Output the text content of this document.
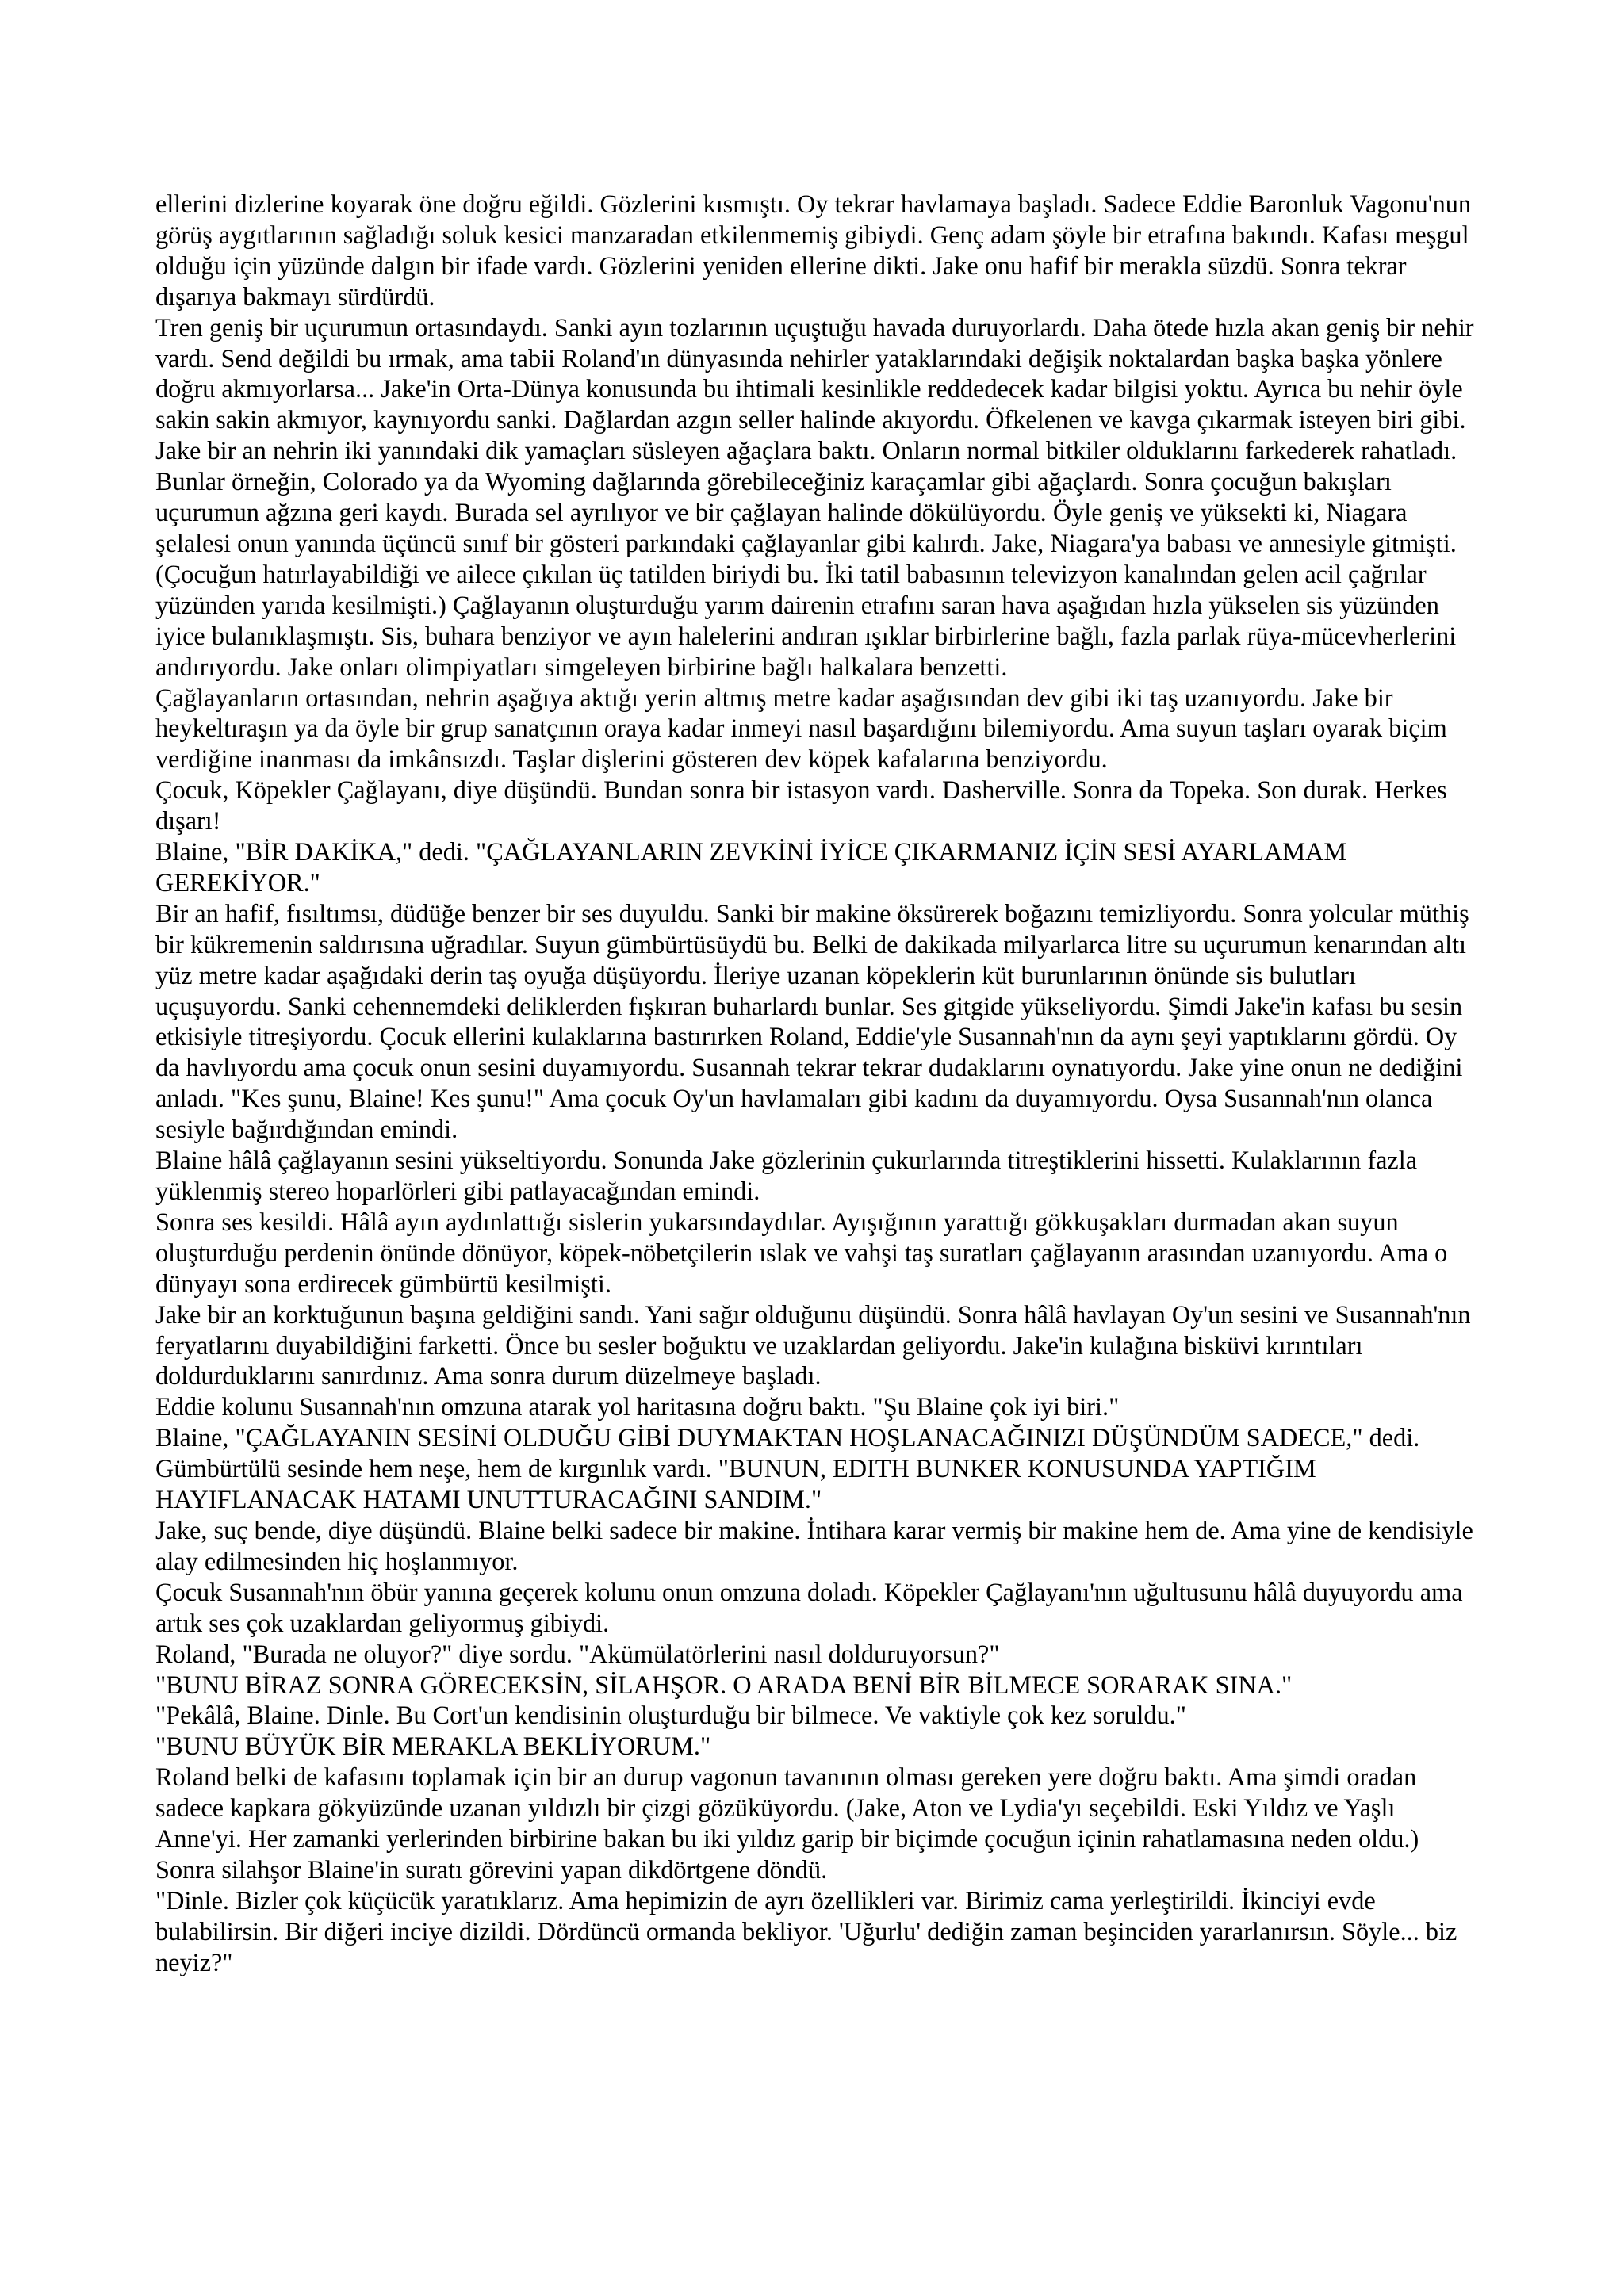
ellerini dizlerine koyarak öne doğru eğildi. Gözlerini kısmıştı. Oy tekrar havlamaya başladı. Sadece Eddie Baronluk Vagonu'nun görüş aygıtlarının sağladığı soluk kesici manzaradan etkilenmemiş gibiydi. Genç adam şöyle bir etrafına bakındı. Kafası meşgul olduğu için yüzünde dalgın bir ifade vardı. Gözlerini yeniden ellerine dikti. Jake onu hafif bir merakla süzdü. Sonra tekrar dışarıya bakmayı sürdürdü.

Tren geniş bir uçurumun ortasındaydı. Sanki ayın tozlarının uçuştuğu havada duruyorlardı. Daha ötede hızla akan geniş bir nehir vardı. Send değildi bu ırmak, ama tabii Roland'ın dünyasında nehirler yataklarındaki değişik noktalardan başka başka yönlere doğru akmıyorlarsa... Jake'in Orta-Dünya konusunda bu ihtimali kesinlikle reddedecek kadar bilgisi yoktu. Ayrıca bu nehir öyle sakin sakin akmıyor, kaynıyordu sanki. Dağlardan azgın seller halinde akıyordu. Öfkelenen ve kavga çıkarmak isteyen biri gibi.

Jake bir an nehrin iki yanındaki dik yamaçları süsleyen ağaçlara baktı. Onların normal bitkiler olduklarını farkederek rahatladı. Bunlar örneğin, Colorado ya da Wyoming dağlarında görebileceğiniz karaçamlar gibi ağaçlardı. Sonra çocuğun bakışları uçurumun ağzına geri kaydı. Burada sel ayrılıyor ve bir çağlayan halinde dökülüyordu. Öyle geniş ve yüksekti ki, Niagara şelalesi onun yanında üçüncü sınıf bir gösteri parkındaki çağlayanlar gibi kalırdı. Jake, Niagara'ya babası ve annesiyle gitmişti. (Çocuğun hatırlayabildiği ve ailece çıkılan üç tatilden biriydi bu. İki tatil babasının televizyon kanalından gelen acil çağrılar yüzünden yarıda kesilmişti.) Çağlayanın oluşturduğu yarım dairenin etrafını saran hava aşağıdan hızla yükselen sis yüzünden iyice bulanıklaşmıştı. Sis, buhara benziyor ve ayın halelerini andıran ışıklar birbirlerine bağlı, fazla parlak rüya-mücevherlerini andırıyordu. Jake onları olimpiyatları simgeleyen birbirine bağlı halkalara benzetti.

Çağlayanların ortasından, nehrin aşağıya aktığı yerin altmış metre kadar aşağısından dev gibi iki taş uzanıyordu. Jake bir heykeltıraşın ya da öyle bir grup sanatçının oraya kadar inmeyi nasıl başardığını bilemiyordu. Ama suyun taşları oyarak biçim verdiğine inanması da imkânsızdı. Taşlar dişlerini gösteren dev köpek kafalarına benziyordu.

Çocuk, Köpekler Çağlayanı, diye düşündü. Bundan sonra bir istasyon vardı. Dasherville. Sonra da Topeka. Son durak. Herkes dışarı!

Blaine, "BİR DAKİKA," dedi. "ÇAĞLAYANLARIN ZEVKİNİ İYİCE ÇIKARMANIZ İÇİN SESİ AYARLAMAM GEREKİYOR."

Bir an hafif, fısıltımsı, düdüğe benzer bir ses duyuldu. Sanki bir makine öksürerek boğazını temizliyordu. Sonra yolcular müthiş bir kükremenin saldırısına uğradılar. Suyun gümbürtüsüydü bu. Belki de dakikada milyarlarca litre su uçurumun kenarından altı yüz metre kadar aşağıdaki derin taş oyuğa düşüyordu. İleriye uzanan köpeklerin küt burunlarının önünde sis bulutları uçuşuyordu. Sanki cehennemdeki deliklerden fışkıran buharlardı bunlar. Ses gitgide yükseliyordu. Şimdi Jake'in kafası bu sesin etkisiyle titreşiyordu. Çocuk ellerini kulaklarına bastırırken Roland, Eddie'yle Susannah'nın da aynı şeyi yaptıklarını gördü. Oy da havlıyordu ama çocuk onun sesini duyamıyordu. Susannah tekrar tekrar dudaklarını oynatıyordu. Jake yine onun ne dediğini anladı. "Kes şunu, Blaine! Kes şunu!" Ama çocuk Oy'un havlamaları gibi kadını da duyamıyordu. Oysa Susannah'nın olanca sesiyle bağırdığından emindi.

Blaine hâlâ çağlayanın sesini yükseltiyordu. Sonunda Jake gözlerinin çukurlarında titreştiklerini hissetti. Kulaklarının fazla yüklenmiş stereo hoparlörleri gibi patlayacağından emindi.

Sonra ses kesildi. Hâlâ ayın aydınlattığı sislerin yukarsındaydılar. Ayışığının yarattığı gökkuşakları durmadan akan suyun oluşturduğu perdenin önünde dönüyor, köpek-nöbetçilerin ıslak ve vahşi taş suratları çağlayanın arasından uzanıyordu. Ama o dünyayı sona erdirecek gümbürtü kesilmişti.

Jake bir an korktuğunun başına geldiğini sandı. Yani sağır olduğunu düşündü. Sonra hâlâ havlayan Oy'un sesini ve Susannah'nın feryatlarını duyabildiğini farketti. Önce bu sesler boğuktu ve uzaklardan geliyordu. Jake'in kulağına bisküvi kırıntıları doldurduklarını sanırdınız. Ama sonra durum düzelmeye başladı.

Eddie kolunu Susannah'nın omzuna atarak yol haritasına doğru baktı. "Şu Blaine çok iyi biri."

Blaine, "ÇAĞLAYANIN SESİNİ OLDUĞU GİBİ DUYMAKTAN HOŞLANACAĞINIZI DÜŞÜNDÜM SADECE," dedi. Gümbürtülü sesinde hem neşe, hem de kırgınlık vardı. "BUNUN, EDITH BUNKER KONUSUNDA YAPTIĞIM HAYIFLANACAK HATAMI UNUTTURACAĞINI SANDIM."

Jake, suç bende, diye düşündü. Blaine belki sadece bir makine. İntihara karar vermiş bir makine hem de. Ama yine de kendisiyle alay edilmesinden hiç hoşlanmıyor.

Çocuk Susannah'nın öbür yanına geçerek kolunu onun omzuna doladı. Köpekler Çağlayanı'nın uğultusunu hâlâ duyuyordu ama artık ses çok uzaklardan geliyormuş gibiydi.

Roland, "Burada ne oluyor?" diye sordu. "Akümülatörlerini nasıl dolduruyorsun?"

"BUNU BİRAZ SONRA GÖRECEKSİN, SİLAHŞOR. O ARADA BENİ BİR BİLMECE SORARAK SINA."

"Pekâlâ, Blaine. Dinle. Bu Cort'un kendisinin oluşturduğu bir bilmece. Ve vaktiyle çok kez soruldu."

"BUNU BÜYÜK BİR MERAKLA BEKLİYORUM."

Roland belki de kafasını toplamak için bir an durup vagonun tavanının olması gereken yere doğru baktı. Ama şimdi oradan sadece kapkara gökyüzünde uzanan yıldızlı bir çizgi gözüküyordu. (Jake, Aton ve Lydia'yı seçebildi. Eski Yıldız ve Yaşlı Anne'yi. Her zamanki yerlerinden birbirine bakan bu iki yıldız garip bir biçimde çocuğun içinin rahatlamasına neden oldu.) Sonra silahşor Blaine'in suratı görevini yapan dikdörtgene döndü.

"Dinle. Bizler çok küçücük yaratıklarız. Ama hepimizin de ayrı özellikleri var. Birimiz cama yerleştirildi. İkinciyi evde bulabilirsin. Bir diğeri inciye dizildi. Dördüncü ormanda bekliyor. 'Uğurlu' dediğin zaman beşinciden yararlanırsın. Söyle... biz neyiz?"
